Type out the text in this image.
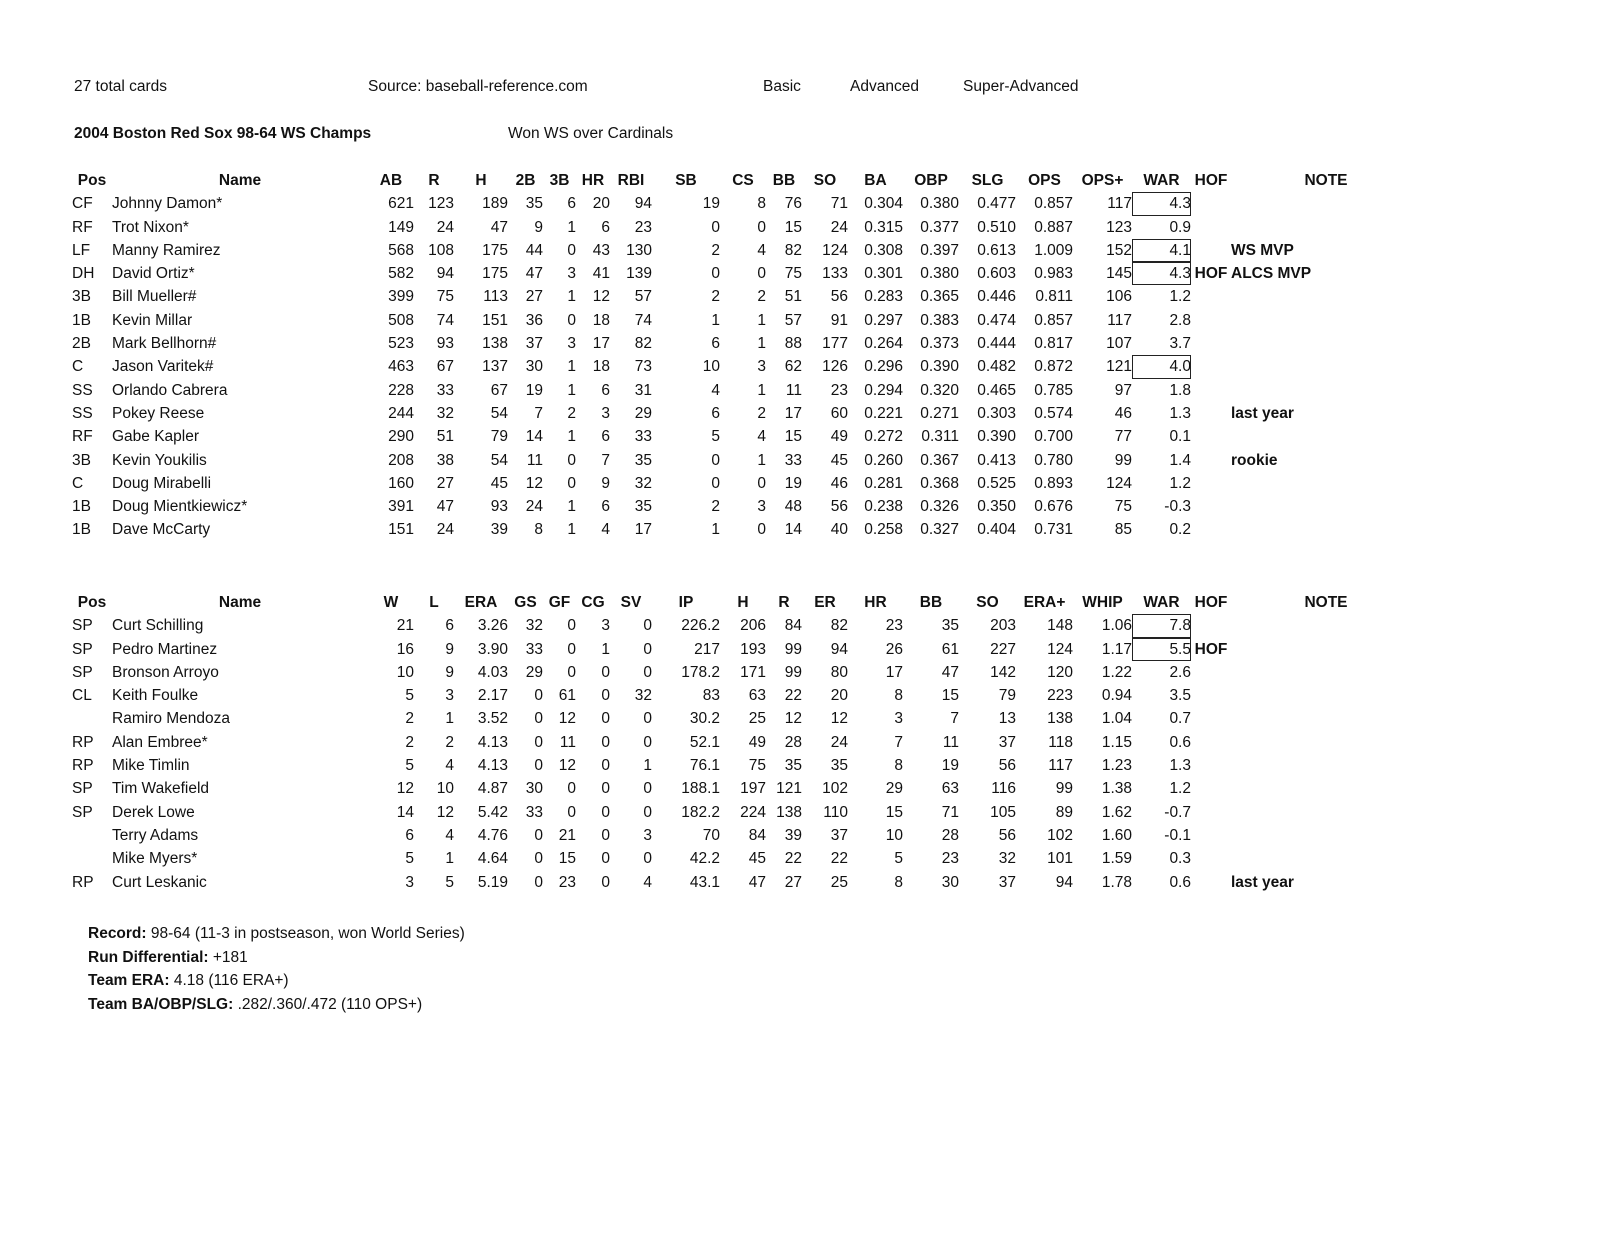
27 total cards	Source: baseball-reference.com	Basic	Advanced	Super-Advanced
2004 Boston Red Sox 98-64 WS Champs	Won WS over Cardinals
Pos	Name	AB	R	H	2B	3B	HR	RBI	SB	CS	BB	SO	BA	OBP	SLG	OPS	OPS+	WAR	HOF	NOTE
CF	Johnny Damon*	621	123	189	35	6	20	94	19	8	76	71	0.304	0.380	0.477	0.857	117	4.3		
RF	Trot Nixon*	149	24	47	9	1	6	23	0	0	15	24	0.315	0.377	0.510	0.887	123	0.9		
LF	Manny Ramirez	568	108	175	44	0	43	130	2	4	82	124	0.308	0.397	0.613	1.009	152	4.1		WS MVP
DH	David Ortiz*	582	94	175	47	3	41	139	0	0	75	133	0.301	0.380	0.603	0.983	145	4.3	HOF	ALCS MVP
3B	Bill Mueller#	399	75	113	27	1	12	57	2	2	51	56	0.283	0.365	0.446	0.811	106	1.2		
1B	Kevin Millar	508	74	151	36	0	18	74	1	1	57	91	0.297	0.383	0.474	0.857	117	2.8		
2B	Mark Bellhorn#	523	93	138	37	3	17	82	6	1	88	177	0.264	0.373	0.444	0.817	107	3.7		
C	Jason Varitek#	463	67	137	30	1	18	73	10	3	62	126	0.296	0.390	0.482	0.872	121	4.0		
SS	Orlando Cabrera	228	33	67	19	1	6	31	4	1	11	23	0.294	0.320	0.465	0.785	97	1.8		
SS	Pokey Reese	244	32	54	7	2	3	29	6	2	17	60	0.221	0.271	0.303	0.574	46	1.3		last year
RF	Gabe Kapler	290	51	79	14	1	6	33	5	4	15	49	0.272	0.311	0.390	0.700	77	0.1		
3B	Kevin Youkilis	208	38	54	11	0	7	35	0	1	33	45	0.260	0.367	0.413	0.780	99	1.4		rookie
C	Doug Mirabelli	160	27	45	12	0	9	32	0	0	19	46	0.281	0.368	0.525	0.893	124	1.2		
1B	Doug Mientkiewicz*	391	47	93	24	1	6	35	2	3	48	56	0.238	0.326	0.350	0.676	75	-0.3		
1B	Dave McCarty	151	24	39	8	1	4	17	1	0	14	40	0.258	0.327	0.404	0.731	85	0.2		
Pos	Name	W	L	ERA	GS	GF	CG	SV	IP	H	R	ER	HR	BB	SO	ERA+	WHIP	WAR	HOF	NOTE
SP	Curt Schilling	21	6	3.26	32	0	3	0	226.2	206	84	82	23	35	203	148	1.06	7.8		
SP	Pedro Martinez	16	9	3.90	33	0	1	0	217	193	99	94	26	61	227	124	1.17	5.5	HOF	
SP	Bronson Arroyo	10	9	4.03	29	0	0	0	178.2	171	99	80	17	47	142	120	1.22	2.6		
CL	Keith Foulke	5	3	2.17	0	61	0	32	83	63	22	20	8	15	79	223	0.94	3.5		
	Ramiro Mendoza	2	1	3.52	0	12	0	0	30.2	25	12	12	3	7	13	138	1.04	0.7		
RP	Alan Embree*	2	2	4.13	0	11	0	0	52.1	49	28	24	7	11	37	118	1.15	0.6		
RP	Mike Timlin	5	4	4.13	0	12	0	1	76.1	75	35	35	8	19	56	117	1.23	1.3		
SP	Tim Wakefield	12	10	4.87	30	0	0	0	188.1	197	121	102	29	63	116	99	1.38	1.2		
SP	Derek Lowe	14	12	5.42	33	0	0	0	182.2	224	138	110	15	71	105	89	1.62	-0.7		
	Terry Adams	6	4	4.76	0	21	0	3	70	84	39	37	10	28	56	102	1.60	-0.1		
	Mike Myers*	5	1	4.64	0	15	0	0	42.2	45	22	22	5	23	32	101	1.59	0.3		
RP	Curt Leskanic	3	5	5.19	0	23	0	4	43.1	47	27	25	8	30	37	94	1.78	0.6		last year
Record: 98-64 (11-3 in postseason, won World Series)
Run Differential: +181
Team ERA: 4.18 (116 ERA+)
Team BA/OBP/SLG: .282/.360/.472 (110 OPS+)
